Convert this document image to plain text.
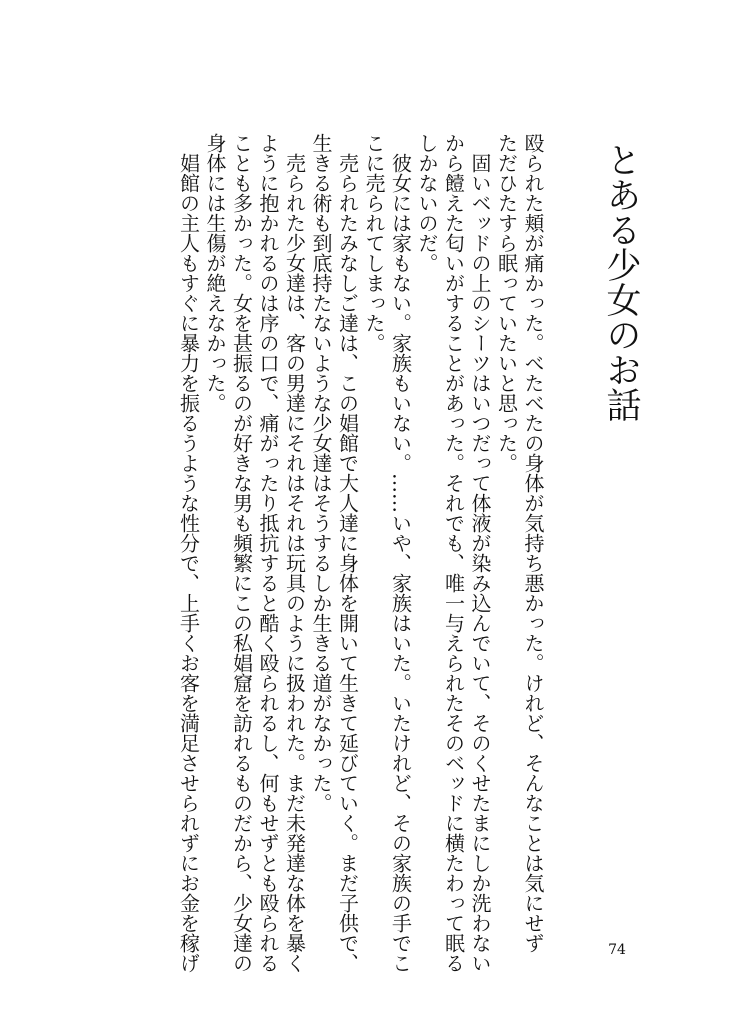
とある少女のお話

殴られた頬が痛かった。べたべたの身体が気持ち悪かった。けれど、そんなことは気にせず
ただひたすら眠っていたいと思った。
　固いベッドの上のシーツはいつだって体液が染み込んでいて、そのくせたまにしか洗わない
から饐えた匂いがすることがあった。それでも、唯一与えられたそのベッドに横たわって眠る
しかないのだ。
　彼女には家もない。家族もいない。……いや、家族はいた。いたけれど、その家族の手でこ
こに売られてしまった。
　売られたみなしご達は、この娼館で大人達に身体を開いて生きて延びていく。まだ子供で、
生きる術も到底持たないような少女達はそうするしか生きる道がなかった。
　売られた少女達は、客の男達にそれはそれは玩具のように扱われた。まだ未発達な体を暴く
ように抱かれるのは序の口で、痛がったり抵抗すると酷く殴られるし、何もせずとも殴られる
ことも多かった。女を甚振るのが好きな男も頻繁にこの私娼窟を訪れるものだから、少女達の
身体には生傷が絶えなかった。
　娼館の主人もすぐに暴力を振るうような性分で、上手くお客を満足させられずにお金を稼げ	74
